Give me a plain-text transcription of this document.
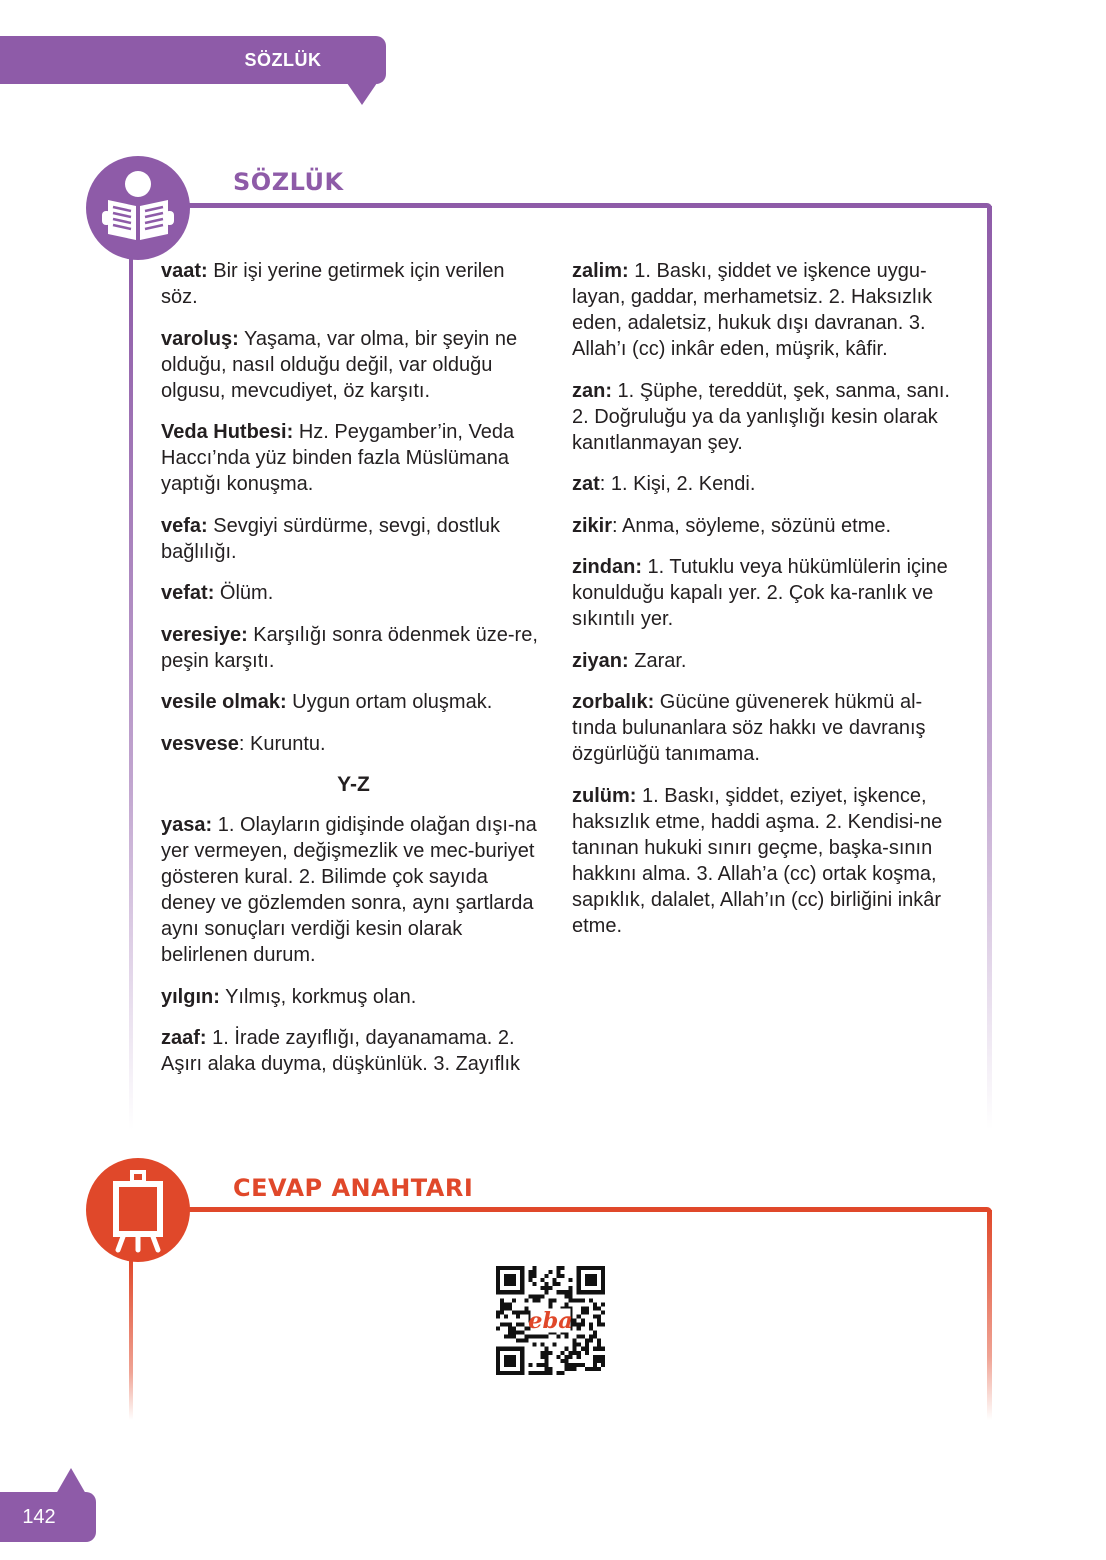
SÖZLÜK
SÖZLÜK
vaat: Bir işi yerine getirmek için verilen söz.
varoluş: Yaşama, var olma, bir şeyin ne olduğu, nasıl olduğu değil, var olduğu olgusu, mevcudiyet, öz karşıtı.
Veda Hutbesi: Hz. Peygamber’in, Veda Haccı’nda yüz binden fazla Müslümana yaptığı konuşma.
vefa: Sevgiyi sürdürme, sevgi, dostluk bağlılığı.
vefat: Ölüm.
veresiye: Karşılığı sonra ödenmek üze-re, peşin karşıtı.
vesile olmak: Uygun ortam oluşmak.
vesvese: Kuruntu.
Y-Z
yasa: 1. Olayların gidişinde olağan dışı-na yer vermeyen, değişmezlik ve mec-buriyet gösteren kural. 2. Bilimde çok sayıda deney ve gözlemden sonra, aynı şartlarda aynı sonuçları verdiği kesin olarak belirlenen durum.
yılgın: Yılmış, korkmuş olan.
zaaf: 1. İrade zayıflığı, dayanamama. 2. Aşırı alaka duyma, düşkünlük. 3. Zayıflık
zalim: 1. Baskı, şiddet ve işkence uygu-layan, gaddar, merhametsiz. 2. Haksızlık eden, adaletsiz, hukuk dışı davranan. 3. Allah’ı (cc) inkâr eden, müşrik, kâfir.
zan: 1. Şüphe, tereddüt, şek, sanma, sanı. 2. Doğruluğu ya da yanlışlığı kesin olarak kanıtlanmayan şey.
zat: 1. Kişi, 2. Kendi.
zikir: Anma, söyleme, sözünü etme.
zindan: 1. Tutuklu veya hükümlülerin içine konulduğu kapalı yer. 2. Çok ka-ranlık ve sıkıntılı yer.
ziyan: Zarar.
zorbalık: Gücüne güvenerek hükmü al-tında bulunanlara söz hakkı ve davranış özgürlüğü tanımama.
zulüm: 1. Baskı, şiddet, eziyet, işkence, haksızlık etme, haddi aşma. 2. Kendisi-ne tanınan hukuki sınırı geçme, başka-sının hakkını alma. 3. Allah’a (cc) ortak koşma, sapıklık, dalalet, Allah’ın (cc) birliğini inkâr etme.
CEVAP ANAHTARI
eba
142
